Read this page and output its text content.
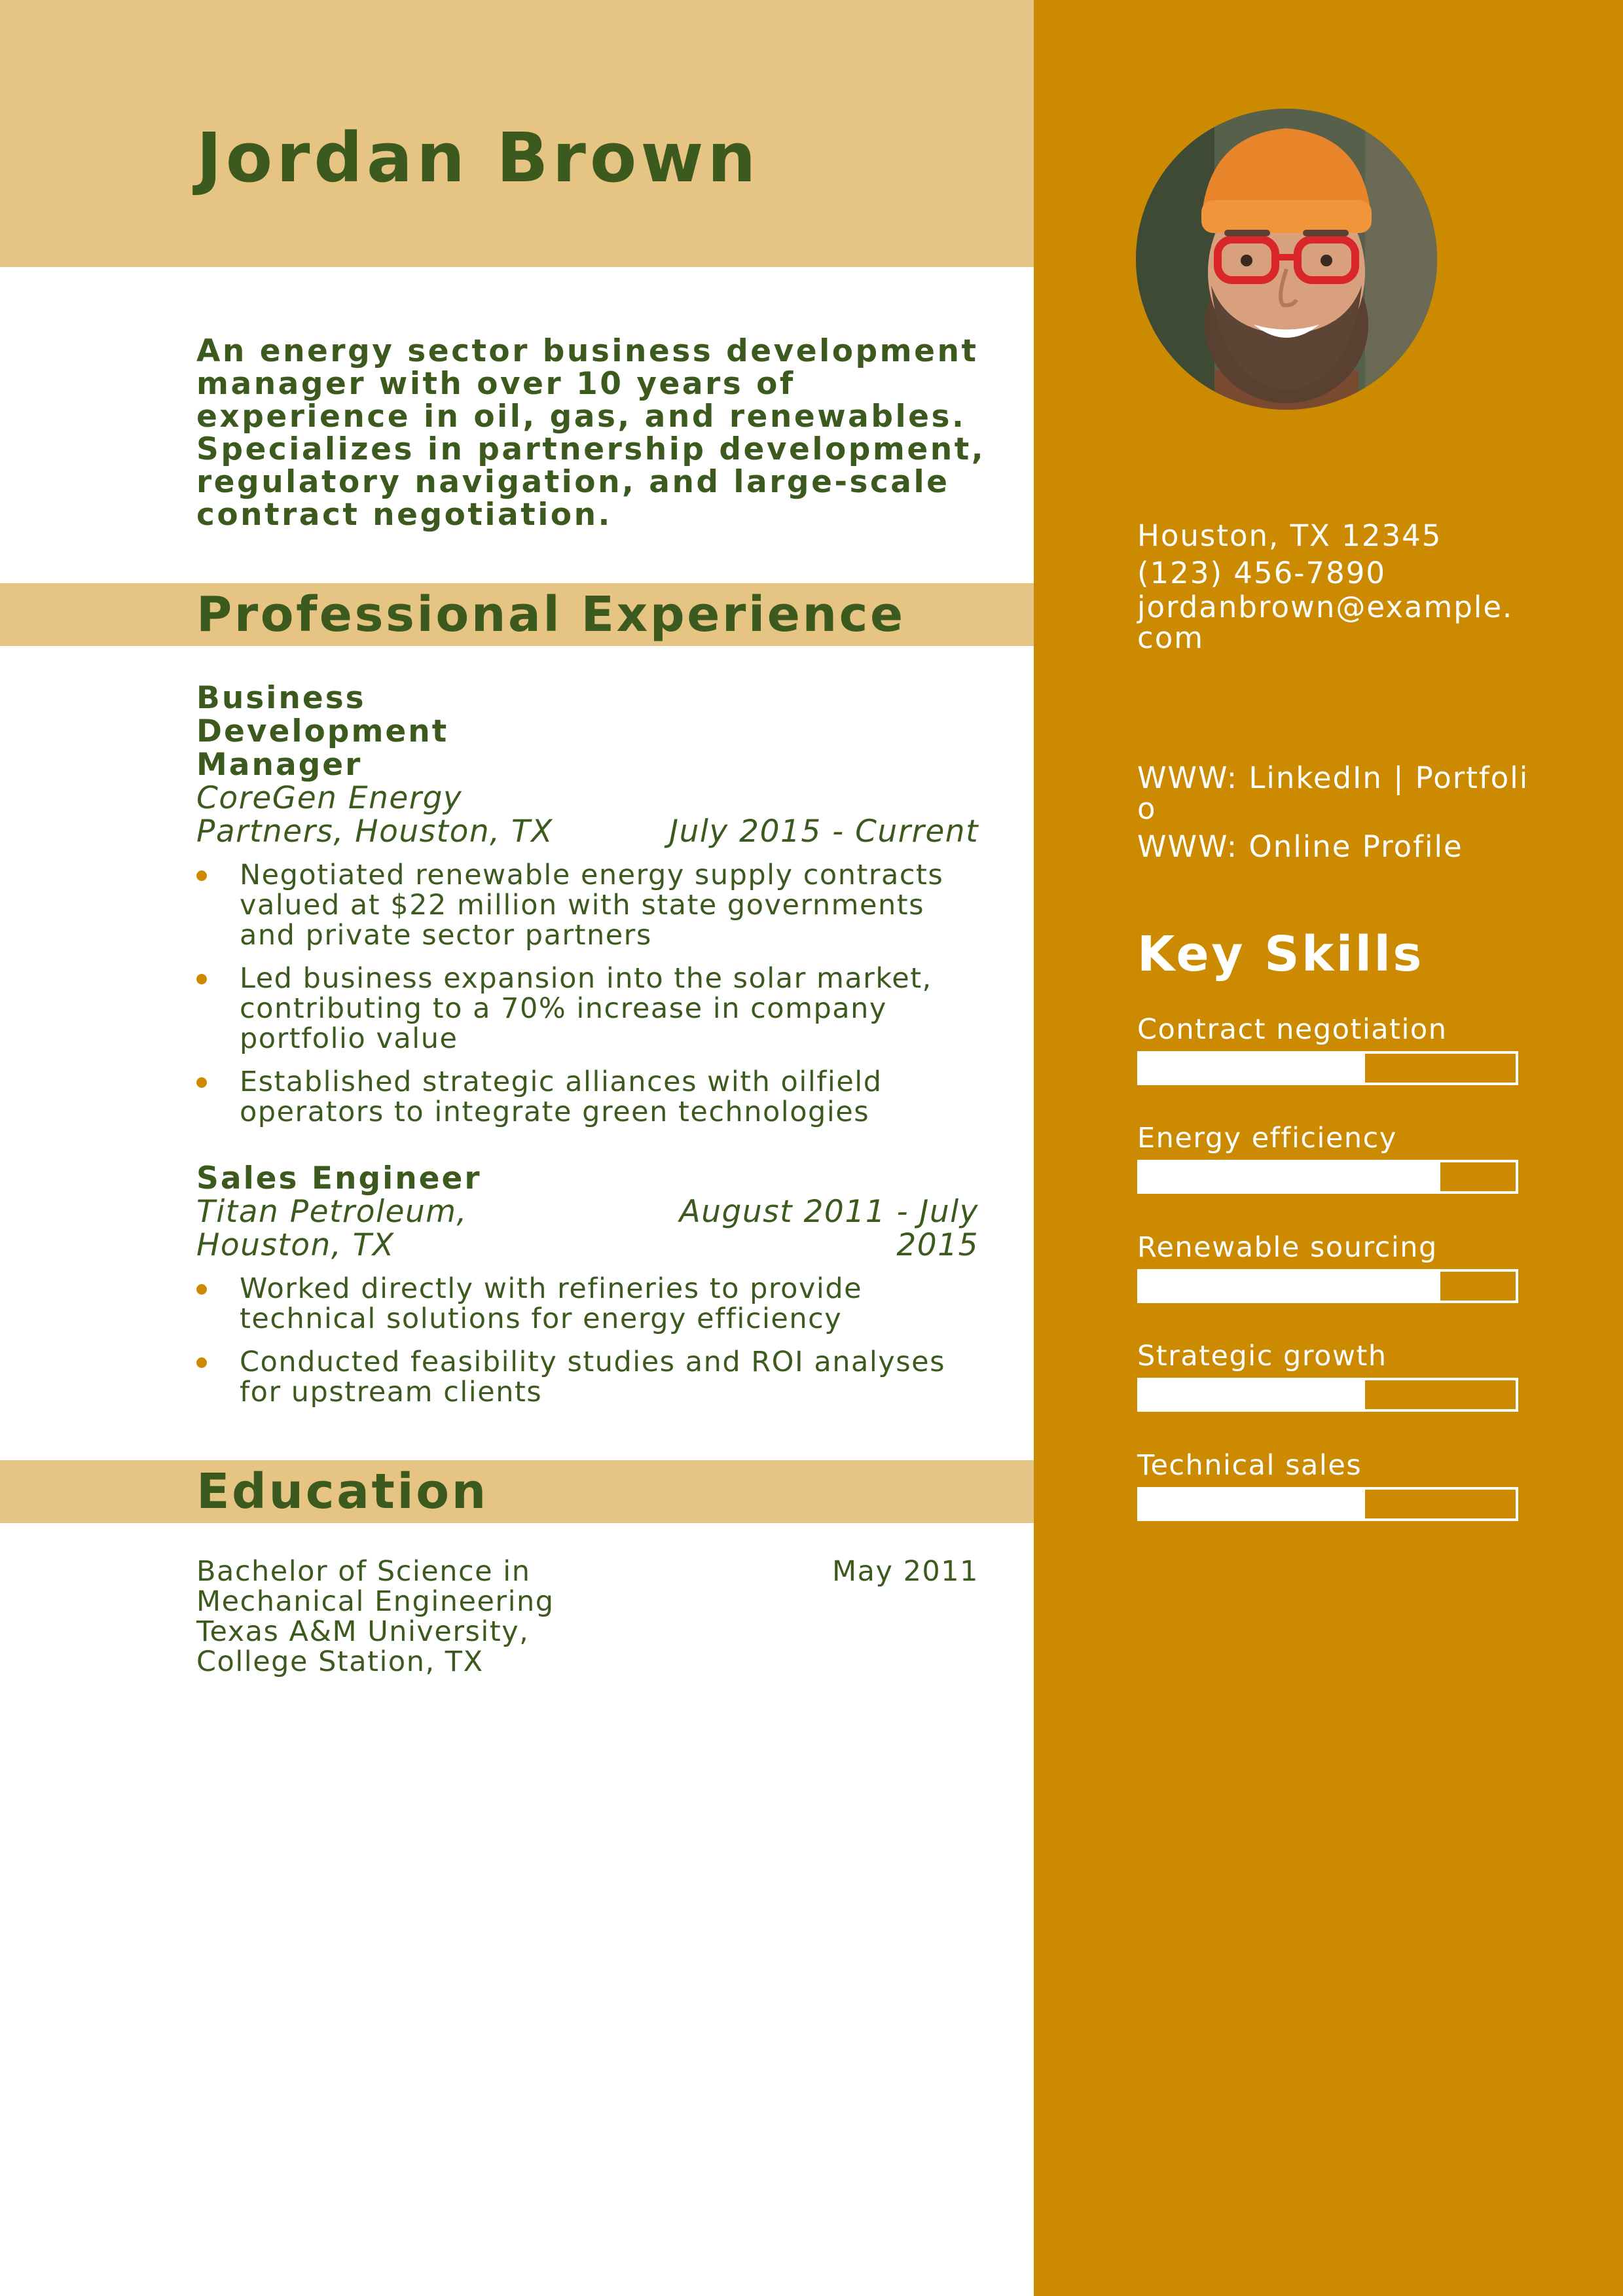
Jordan Brown
An energy sector business development manager with over 10 years of experience in oil, gas, and renewables. Specializes in partnership development, regulatory navigation, and large-scale contract negotiation.
Professional Experience
Business Development Manager
CoreGen Energy Partners, Houston, TX	July 2015 - Current
Negotiated renewable energy supply contracts valued at $22 million with state governments and private sector partners
Led business expansion into the solar market, contributing to a 70% increase in company portfolio value
Established strategic alliances with oilfield operators to integrate green technologies
Sales Engineer
Titan Petroleum, Houston, TX
August 2011 - July 2015
Worked directly with refineries to provide technical solutions for energy efficiency
Conducted feasibility studies and ROI analyses for upstream clients
Education
Bachelor of Science in Mechanical Engineering
Texas A&M University, College Station, TX
May 2011
Houston, TX 12345
(123) 456-7890
jordanbrown@example.com
WWW: LinkedIn | Portfolio
WWW: Online Profile
Key Skills
Contract negotiation
Energy efficiency
Renewable sourcing
Strategic growth
Technical sales
